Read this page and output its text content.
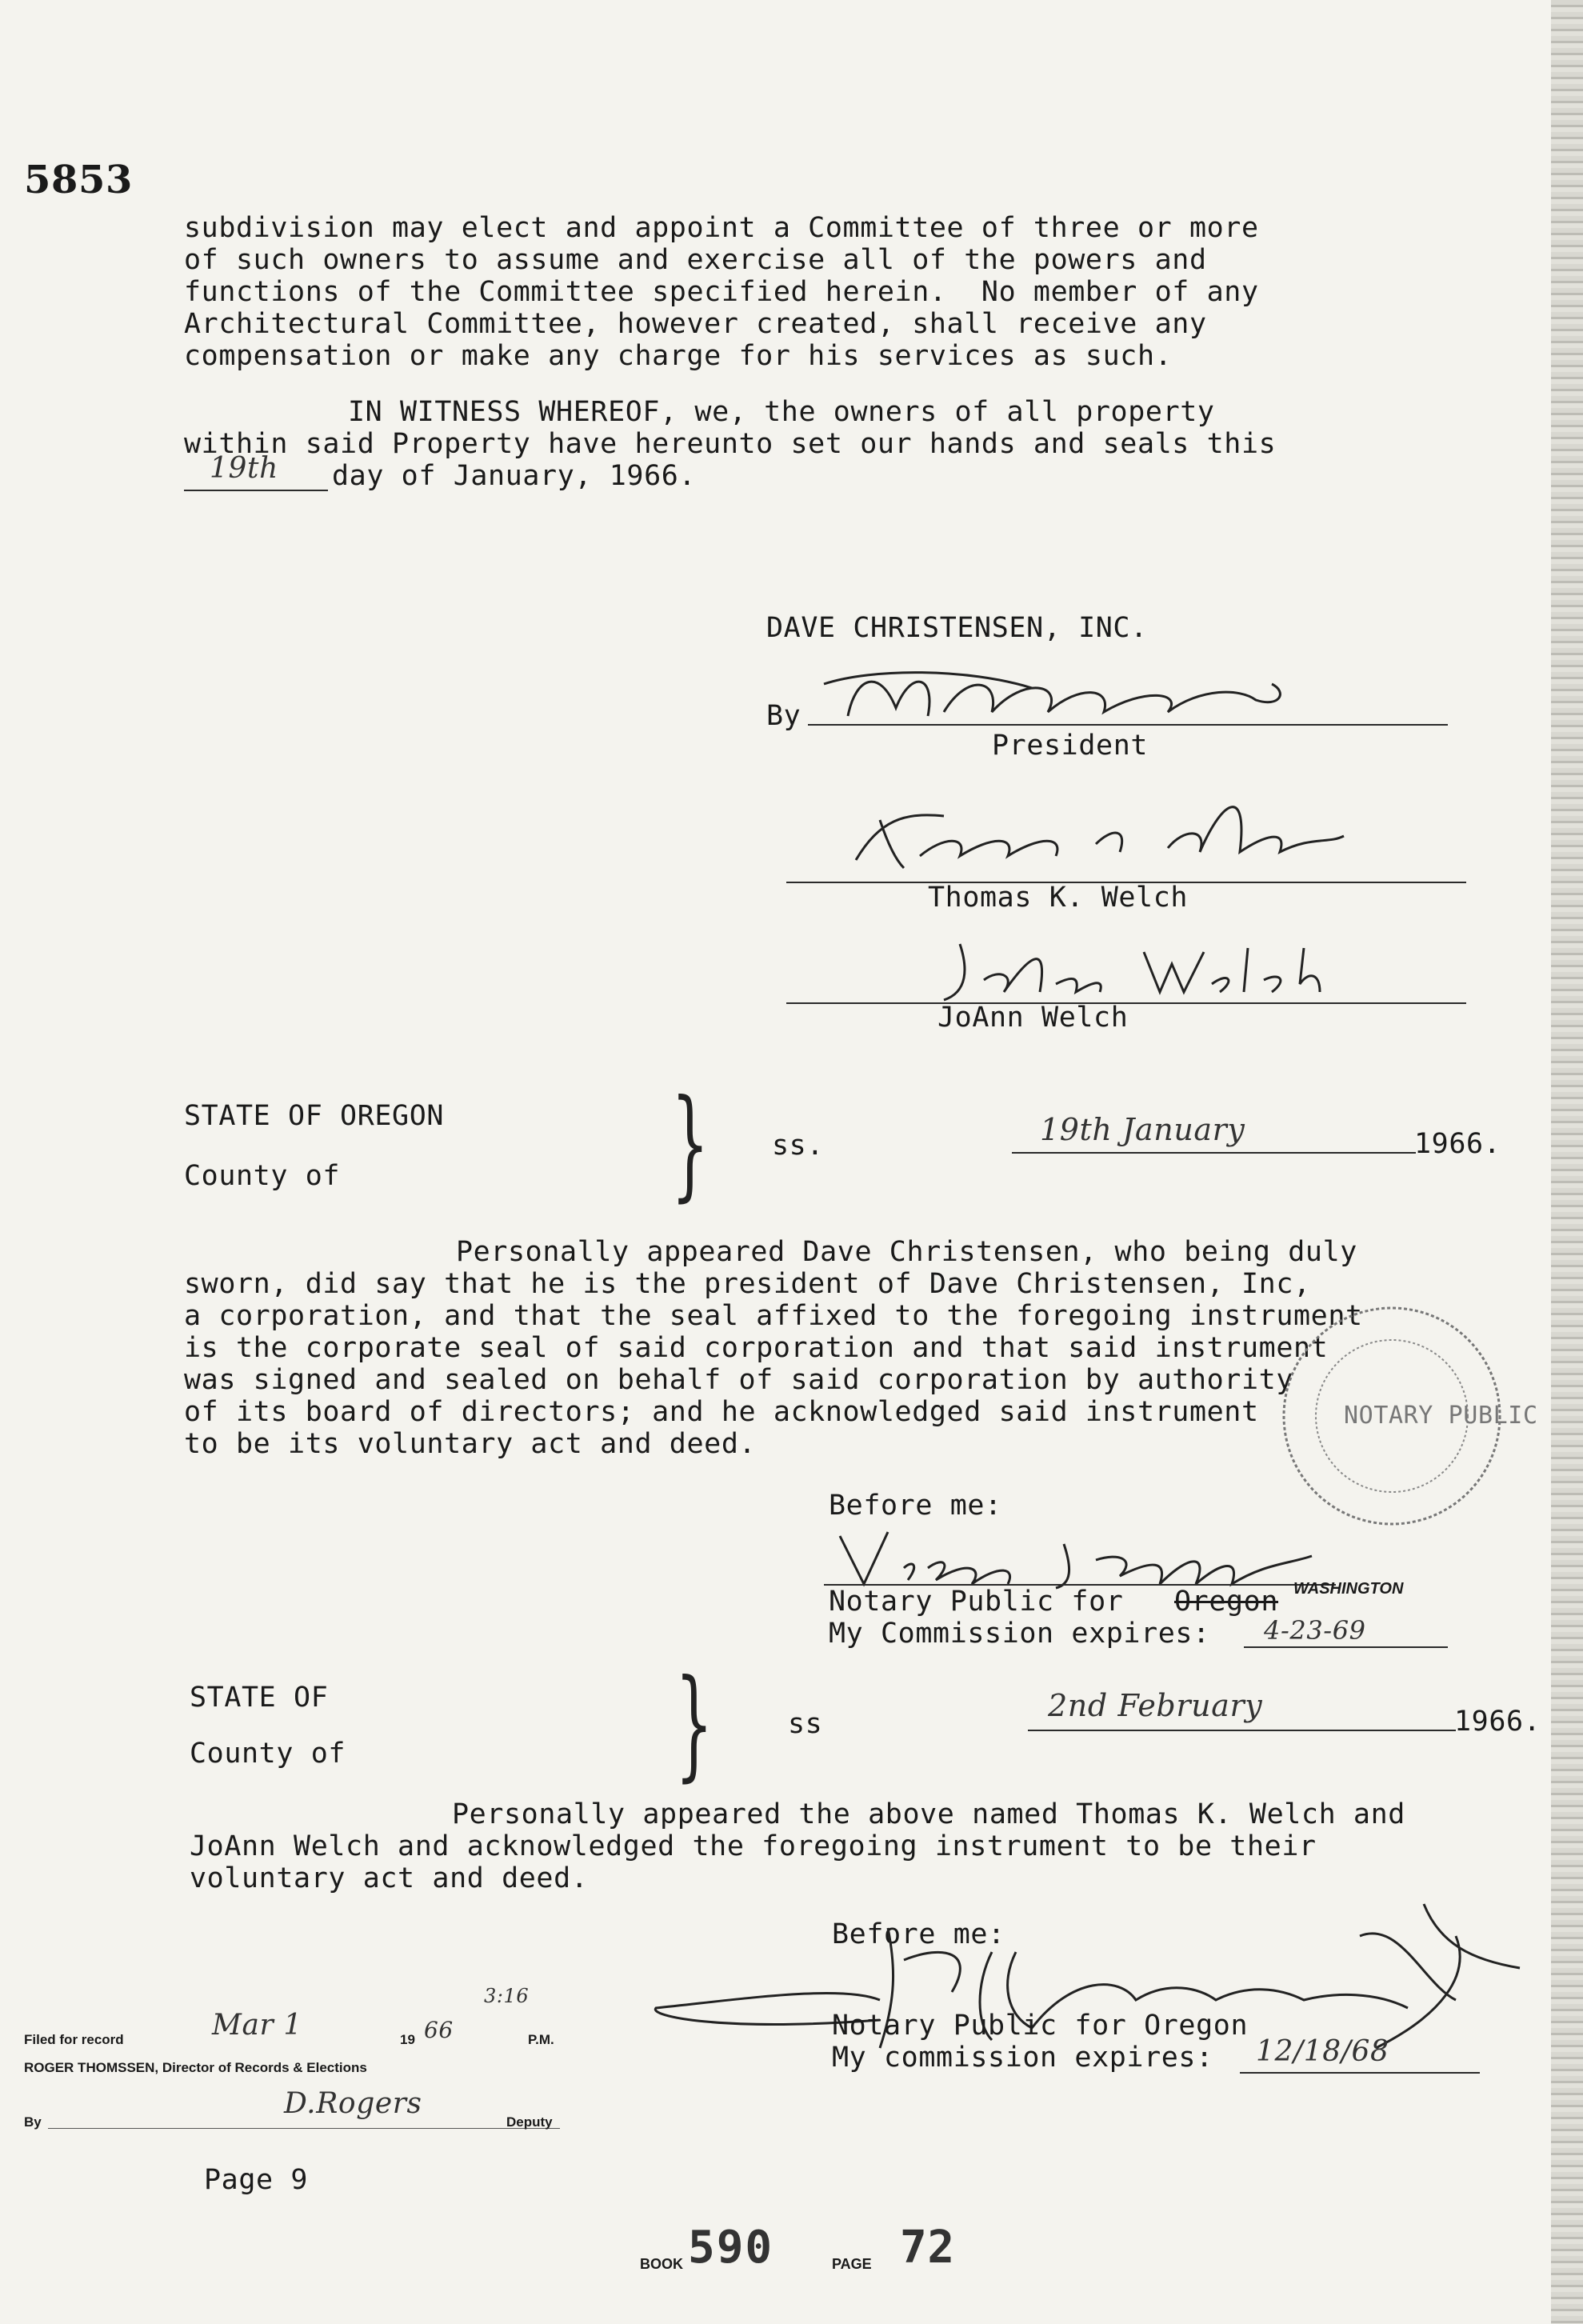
5853
subdivision may elect and appoint a Committee of three or more
of such owners to assume and exercise all of the powers and
functions of the Committee specified herein.  No member of any
Architectural Committee, however created, shall receive any
compensation or make any charge for his services as such.
IN WITNESS WHEREOF, we, the owners of all property
within said Property have hereunto set our hands and seals this
19th day of January, 1966.
DAVE CHRISTENSEN, INC.
By
President
Thomas K. Welch
JoAnn Welch
STATE OF OREGON
County of	} ss.	19th January	1966.
Personally appeared Dave Christensen, who being duly
sworn, did say that he is the president of Dave Christensen, Inc,
a corporation, and that the seal affixed to the foregoing instrument
is the corporate seal of said corporation and that said instrument
was signed and sealed on behalf of said corporation by authority
of its board of directors; and he acknowledged said instrument
to be its voluntary act and deed.
NOTARY PUBLIC
Before me:
Notary Public for Oregon WASHINGTON
My Commission expires: 4-23-69
STATE OF
County of	}	ss
2nd February	1966.
Personally appeared the above named Thomas K. Welch and
JoAnn Welch and acknowledged the foregoing instrument to be their
voluntary act and deed.
Before me:
Notary Public for Oregon
My commission expires: 12/18/68
Filed for record	Mar 1	19 66
3:16
P.M.
ROGER THOMSSEN, Director of Records & Elections
By
D.Rogers
Deputy
Page 9
BOOK 590	PAGE 72
